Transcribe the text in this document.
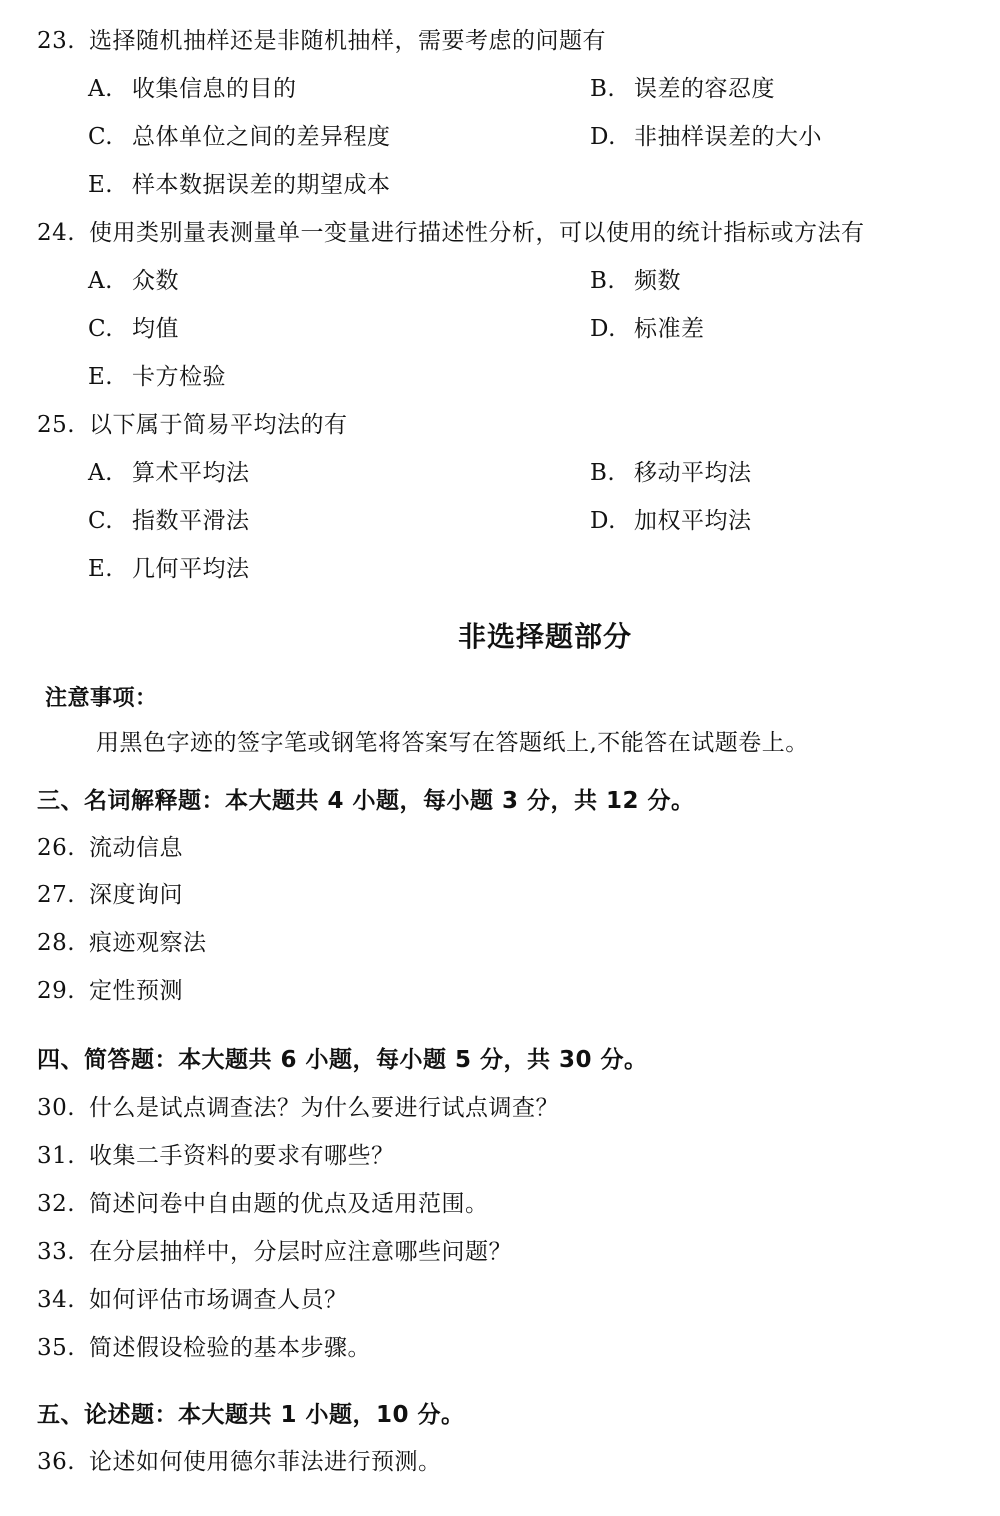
23. 选择随机抽样还是非随机抽样，需要考虑的问题有
A. 收集信息的目的	B. 误差的容忍度
C. 总体单位之间的差异程度	D. 非抽样误差的大小
E. 样本数据误差的期望成本
24. 使用类别量表测量单一变量进行描述性分析，可以使用的统计指标或方法有
A. 众数	B. 频数
C. 均值	D. 标准差
E. 卡方检验
25. 以下属于简易平均法的有
A. 算术平均法	B. 移动平均法
C. 指数平滑法	D. 加权平均法
E. 几何平均法
非选择题部分
注意事项：
用黑色字迹的签字笔或钢笔将答案写在答题纸上,不能答在试题卷上。
三、名词解释题：本大题共 4 小题，每小题 3 分，共 12 分。
26. 流动信息
27. 深度询问
28. 痕迹观察法
29. 定性预测
四、简答题：本大题共 6 小题，每小题 5 分，共 30 分。
30. 什么是试点调查法？为什么要进行试点调查？
31. 收集二手资料的要求有哪些？
32. 简述问卷中自由题的优点及适用范围。
33. 在分层抽样中，分层时应注意哪些问题？
34. 如何评估市场调查人员？
35. 简述假设检验的基本步骤。
五、论述题：本大题共 1 小题，10 分。
36. 论述如何使用德尔菲法进行预测。
